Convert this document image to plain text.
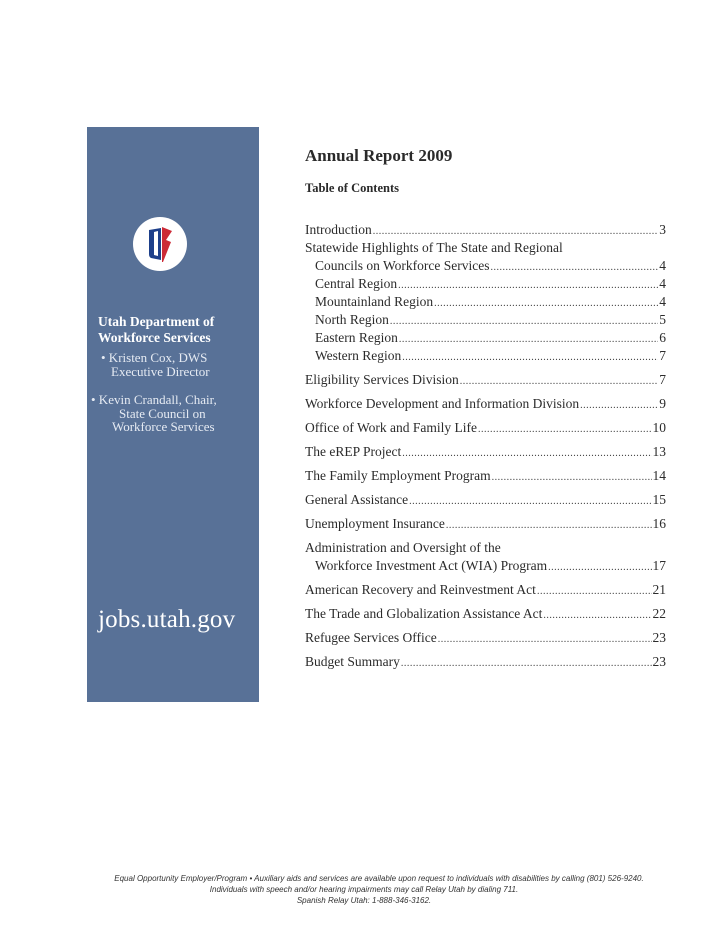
Utah Department of
Workforce Services
• Kristen Cox, DWS
Executive Director
• Kevin Crandall, Chair,
State Council on
Workforce Services
jobs.utah.gov
Annual Report 2009
Table of Contents
Introduction .....	3
Statewide Highlights of The State and Regional
Councils on Workforce Services .....	4
Central Region .....	4
Mountainland Region .....	4
North Region .....	5
Eastern Region .....	6
Western Region .....	7
Eligibility Services Division .....	7
Workforce Development and Information Division .....	9
Office of Work and Family Life .....	10
The eREP Project .....	13
The Family Employment Program .....	14
General Assistance .....	15
Unemployment Insurance .....	16
Administration and Oversight of the
Workforce Investment Act (WIA) Program .....	17
American Recovery and Reinvestment Act .....	21
The Trade and Globalization Assistance Act .....	22
Refugee Services Office .....	23
Budget Summary .....	23
Equal Opportunity Employer/Program • Auxiliary aids and services are available upon request to individuals with disabilities by calling (801) 526-9240.
Individuals with speech and/or hearing impairments may call Relay Utah by dialing 711.
Spanish Relay Utah: 1-888-346-3162.
